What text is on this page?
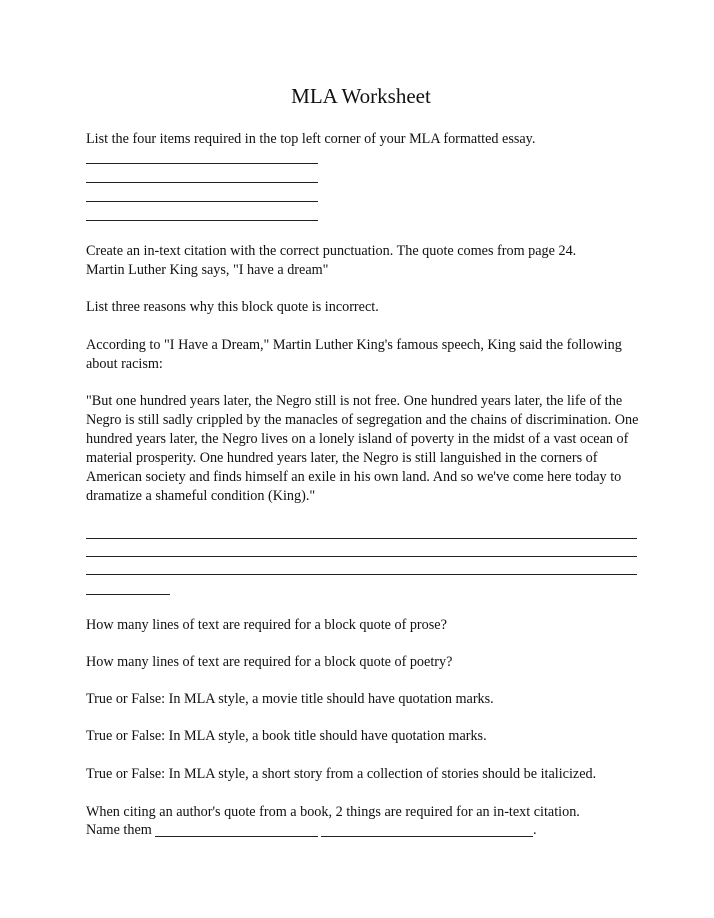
MLA Worksheet
List the four items required in the top left corner of your MLA formatted essay.
Create an in-text citation with the correct punctuation. The quote comes from page 24.
Martin Luther King says, "I have a dream"
List three reasons why this block quote is incorrect.
According to "I Have a Dream," Martin Luther King's famous speech, King said the following about racism:
"But one hundred years later, the Negro still is not free. One hundred years later, the life of the Negro is still sadly crippled by the manacles of segregation and the chains of discrimination. One hundred years later, the Negro lives on a lonely island of poverty in the midst of a vast ocean of material prosperity. One hundred years later, the Negro is still languished in the corners of American society and finds himself an exile in his own land. And so we've come here today to dramatize a shameful condition (King)."
How many lines of text are required for a block quote of prose?
How many lines of text are required for a block quote of poetry?
True or False: In MLA style, a movie title should have quotation marks.
True or False: In MLA style, a book title should have quotation marks.
True or False: In MLA style, a short story from a collection of stories should be italicized.
When citing an author's quote from a book, 2 things are required for an in-text citation.
Name them	.
